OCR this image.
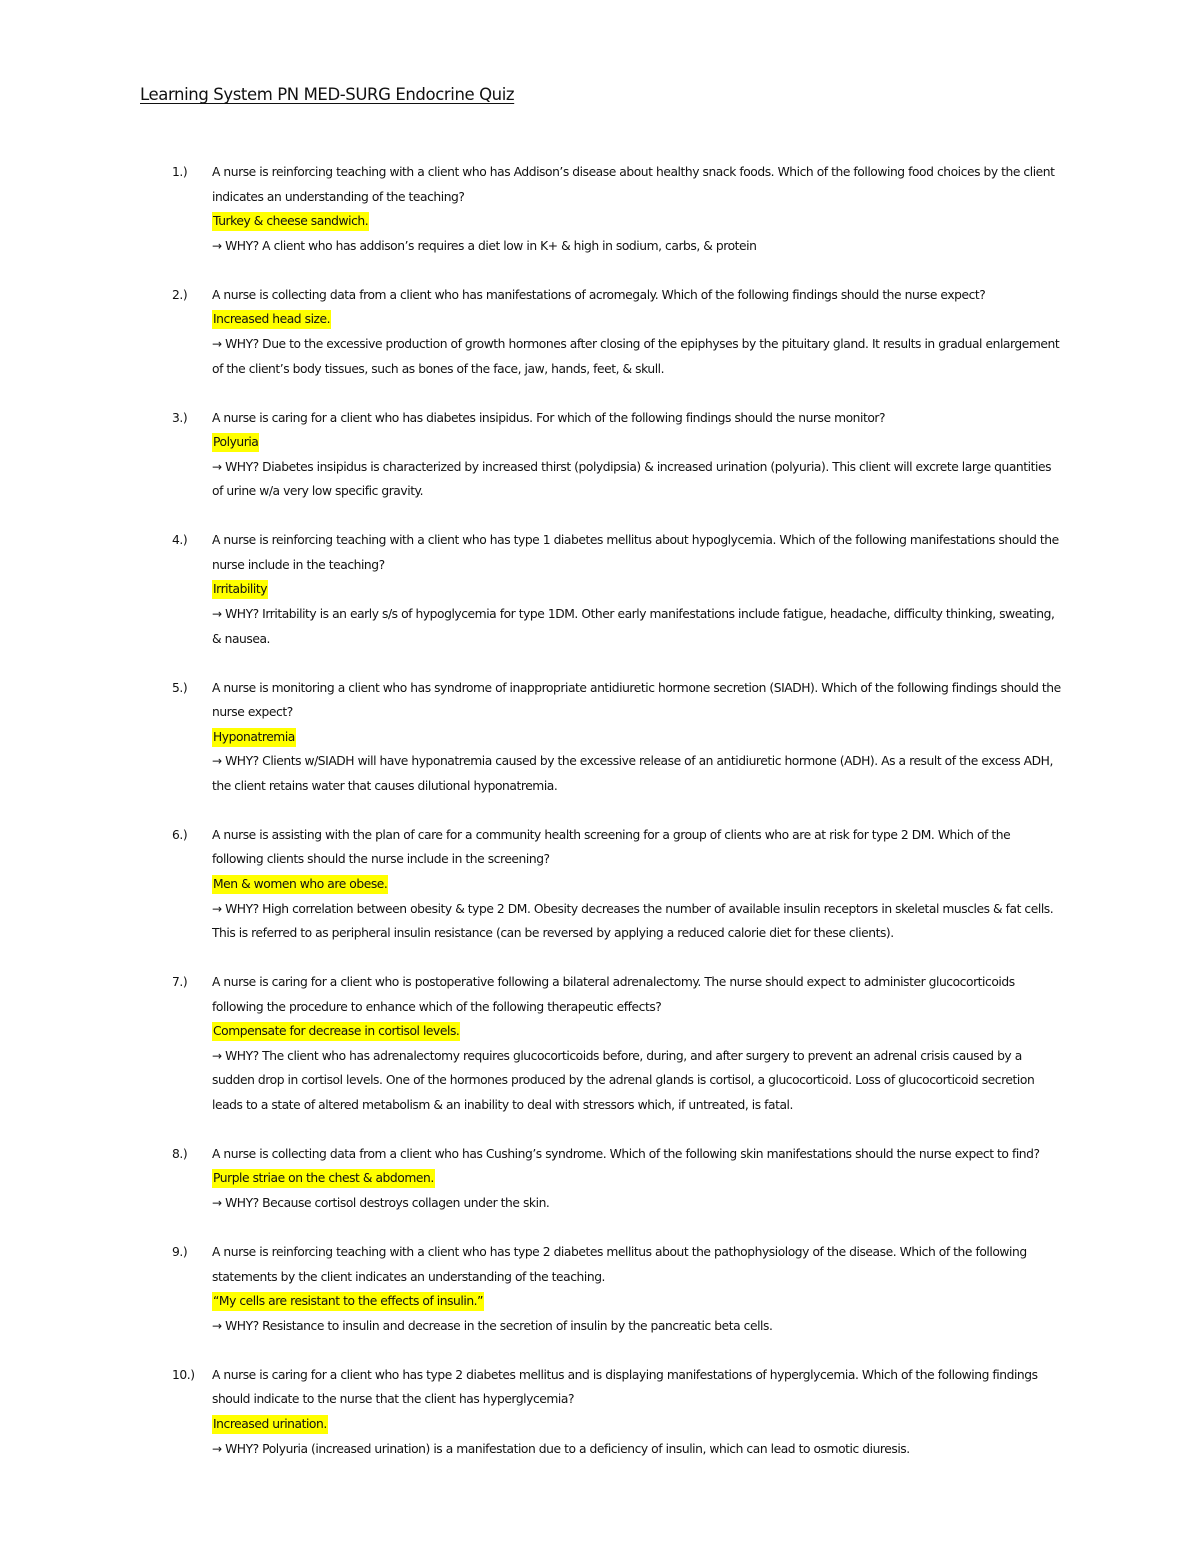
Learning System PN MED-SURG Endocrine Quiz
1.) A nurse is reinforcing teaching with a client who has Addison’s disease about healthy snack foods. Which of the following food choices by the client indicates an understanding of the teaching?
Turkey & cheese sandwich.
→ WHY? A client who has addison’s requires a diet low in K+ & high in sodium, carbs, & protein
2.) A nurse is collecting data from a client who has manifestations of acromegaly. Which of the following findings should the nurse expect?
Increased head size.
→ WHY? Due to the excessive production of growth hormones after closing of the epiphyses by the pituitary gland. It results in gradual enlargement of the client’s body tissues, such as bones of the face, jaw, hands, feet, & skull.
3.) A nurse is caring for a client who has diabetes insipidus. For which of the following findings should the nurse monitor?
Polyuria
→ WHY? Diabetes insipidus is characterized by increased thirst (polydipsia) & increased urination (polyuria). This client will excrete large quantities of urine w/a very low specific gravity.
4.) A nurse is reinforcing teaching with a client who has type 1 diabetes mellitus about hypoglycemia. Which of the following manifestations should the nurse include in the teaching?
Irritability
→ WHY? Irritability is an early s/s of hypoglycemia for type 1DM. Other early manifestations include fatigue, headache, difficulty thinking, sweating, & nausea.
5.) A nurse is monitoring a client who has syndrome of inappropriate antidiuretic hormone secretion (SIADH). Which of the following findings should the nurse expect?
Hyponatremia
→ WHY? Clients w/SIADH will have hyponatremia caused by the excessive release of an antidiuretic hormone (ADH). As a result of the excess ADH, the client retains water that causes dilutional hyponatremia.
6.) A nurse is assisting with the plan of care for a community health screening for a group of clients who are at risk for type 2 DM. Which of the following clients should the nurse include in the screening?
Men & women who are obese.
→ WHY? High correlation between obesity & type 2 DM. Obesity decreases the number of available insulin receptors in skeletal muscles & fat cells. This is referred to as peripheral insulin resistance (can be reversed by applying a reduced calorie diet for these clients).
7.) A nurse is caring for a client who is postoperative following a bilateral adrenalectomy. The nurse should expect to administer glucocorticoids following the procedure to enhance which of the following therapeutic effects?
Compensate for decrease in cortisol levels.
→ WHY? The client who has adrenalectomy requires glucocorticoids before, during, and after surgery to prevent an adrenal crisis caused by a sudden drop in cortisol levels. One of the hormones produced by the adrenal glands is cortisol, a glucocorticoid. Loss of glucocorticoid secretion leads to a state of altered metabolism & an inability to deal with stressors which, if untreated, is fatal.
8.) A nurse is collecting data from a client who has Cushing’s syndrome. Which of the following skin manifestations should the nurse expect to find?
Purple striae on the chest & abdomen.
→ WHY? Because cortisol destroys collagen under the skin.
9.) A nurse is reinforcing teaching with a client who has type 2 diabetes mellitus about the pathophysiology of the disease. Which of the following statements by the client indicates an understanding of the teaching.
“My cells are resistant to the effects of insulin.”
→ WHY? Resistance to insulin and decrease in the secretion of insulin by the pancreatic beta cells.
10.) A nurse is caring for a client who has type 2 diabetes mellitus and is displaying manifestations of hyperglycemia. Which of the following findings should indicate to the nurse that the client has hyperglycemia?
Increased urination.
→ WHY? Polyuria (increased urination) is a manifestation due to a deficiency of insulin, which can lead to osmotic diuresis.
